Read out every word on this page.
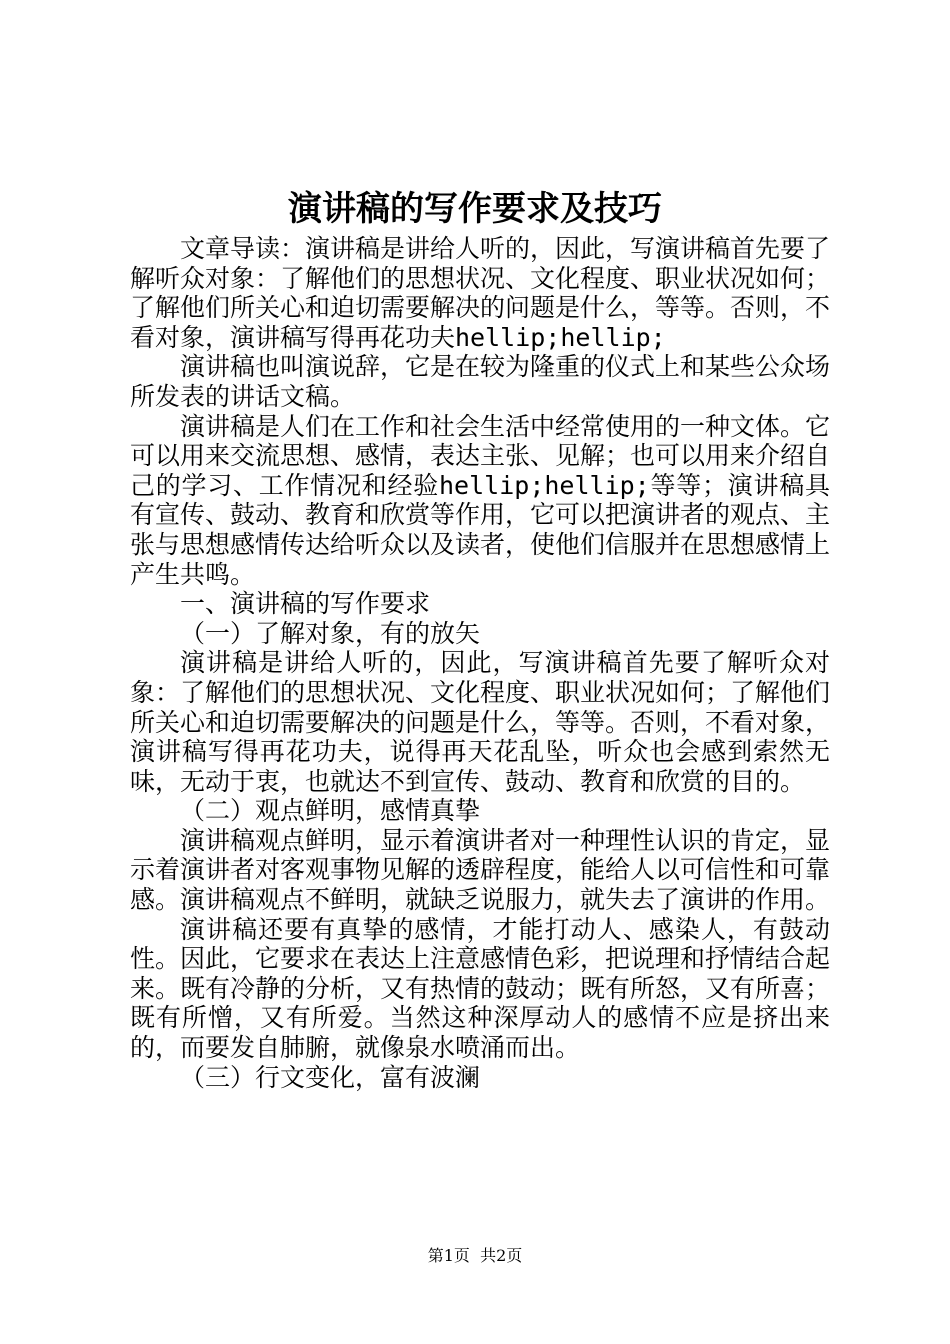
演讲稿的写作要求及技巧

文章导读：演讲稿是讲给人听的，因此，写演讲稿首先要了解听众对象：了解他们的思想状况、文化程度、职业状况如何；了解他们所关心和迫切需要解决的问题是什么，等等。否则，不看对象，演讲稿写得再花功夫hellip;hellip;

演讲稿也叫演说辞，它是在较为隆重的仪式上和某些公众场所发表的讲话文稿。

演讲稿是人们在工作和社会生活中经常使用的一种文体。它可以用来交流思想、感情，表达主张、见解；也可以用来介绍自己的学习、工作情况和经验hellip;hellip;等等；演讲稿具有宣传、鼓动、教育和欣赏等作用，它可以把演讲者的观点、主张与思想感情传达给听众以及读者，使他们信服并在思想感情上产生共鸣。

一、演讲稿的写作要求

（一）了解对象，有的放矢

演讲稿是讲给人听的，因此，写演讲稿首先要了解听众对象：了解他们的思想状况、文化程度、职业状况如何；了解他们所关心和迫切需要解决的问题是什么，等等。否则，不看对象，演讲稿写得再花功夫，说得再天花乱坠，听众也会感到索然无味，无动于衷，也就达不到宣传、鼓动、教育和欣赏的目的。

（二）观点鲜明，感情真挚

演讲稿观点鲜明，显示着演讲者对一种理性认识的肯定，显示着演讲者对客观事物见解的透辟程度，能给人以可信性和可靠感。演讲稿观点不鲜明，就缺乏说服力，就失去了演讲的作用。

演讲稿还要有真挚的感情，才能打动人、感染人，有鼓动性。因此，它要求在表达上注意感情色彩，把说理和抒情结合起来。既有冷静的分析，又有热情的鼓动；既有所怒，又有所喜；既有所憎，又有所爱。当然这种深厚动人的感情不应是挤出来的，而要发自肺腑，就像泉水喷涌而出。

（三）行文变化，富有波澜

第1页 共2页
